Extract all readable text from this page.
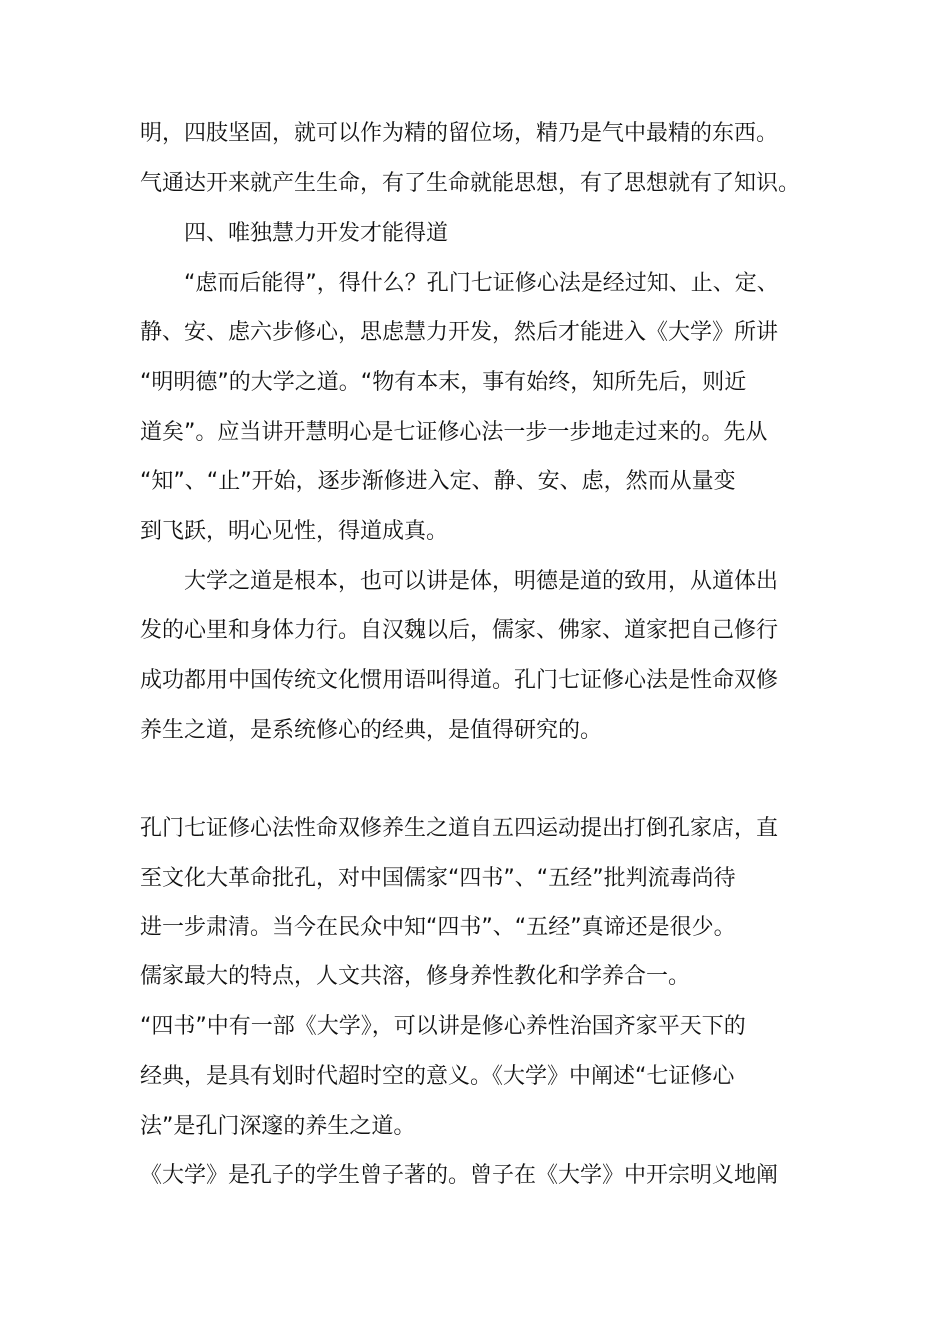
明，四肢坚固，就可以作为精的留位场，精乃是气中最精的东西。
气通达开来就产生生命，有了生命就能思想，有了思想就有了知识。
　　四、唯独慧力开发才能得道
　　“虑而后能得”，得什么？孔门七证修心法是经过知、止、定、
静、安、虑六步修心，思虑慧力开发，然后才能进入《大学》所讲
“明明德”的大学之道。“物有本末，事有始终，知所先后，则近
道矣”。应当讲开慧明心是七证修心法一步一步地走过来的。先从
“知”、“止”开始，逐步渐修进入定、静、安、虑，然而从量变
到飞跃，明心见性，得道成真。
　　大学之道是根本，也可以讲是体，明德是道的致用，从道体出
发的心里和身体力行。自汉魏以后，儒家、佛家、道家把自己修行
成功都用中国传统文化惯用语叫得道。孔门七证修心法是性命双修
养生之道，是系统修心的经典，是值得研究的。
孔门七证修心法性命双修养生之道自五四运动提出打倒孔家店，直
至文化大革命批孔，对中国儒家“四书”、“五经”批判流毒尚待
进一步肃清。当今在民众中知“四书”、“五经”真谛还是很少。
儒家最大的特点，人文共溶，修身养性教化和学养合一。
“四书”中有一部《大学》，可以讲是修心养性治国齐家平天下的
经典，是具有划时代超时空的意义。《大学》中阐述“七证修心
法”是孔门深邃的养生之道。
《大学》是孔子的学生曾子著的。曾子在《大学》中开宗明义地阐
